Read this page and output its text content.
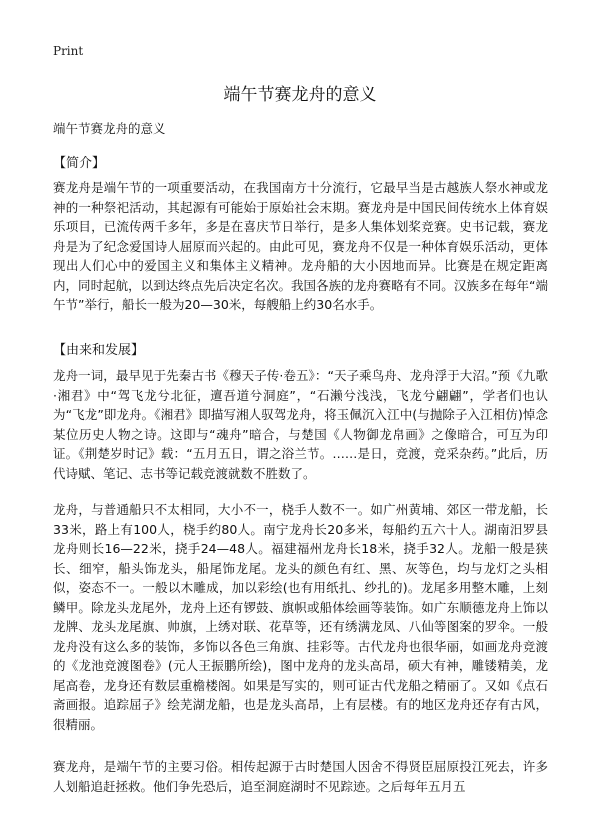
Print
端午节赛龙舟的意义
端午节赛龙舟的意义
【简介】

赛龙舟是端午节的一项重要活动，在我国南方十分流行，它最早当是古越族人祭水神或龙神的一种祭祀活动，其起源有可能始于原始社会末期。赛龙舟是中国民间传统水上体育娱乐项目，已流传两千多年，多是在喜庆节日举行，是多人集体划桨竞赛。史书记载，赛龙舟是为了纪念爱国诗人屈原而兴起的。由此可见，赛龙舟不仅是一种体育娱乐活动，更体现出人们心中的爱国主义和集体主义精神。龙舟船的大小因地而异。比赛是在规定距离内，同时起航，以到达终点先后决定名次。我国各族的龙舟赛略有不同。汉族多在每年“端午节”举行，船长一般为20—30米，每艘船上约30名水手。

【由来和发展】

龙舟一词，最早见于先秦古书《穆天子传·卷五》：“天子乘鸟舟、龙舟浮于大沼。”预《九歌·湘君》中“驾飞龙兮北征，邅吾道兮洞庭”，“石濑兮浅浅，飞龙兮翩翩”，学者们也认为“飞龙”即龙舟。《湘君》即描写湘人驭驾龙舟，将玉佩沉入江中(与抛除子入江相仿)悼念某位历史人物之诗。这即与“魂舟”暗合，与楚国《人物御龙帛画》之像暗合，可互为印证。《荆楚岁时记》载：“五月五日，谓之浴兰节。……是日，竞渡，竞采杂药。”此后，历代诗赋、笔记、志书等记载竞渡就数不胜数了。

龙舟，与普通船只不太相同，大小不一，桡手人数不一。如广州黄埔、郊区一带龙船，长33米，路上有100人，桡手约80人。南宁龙舟长20多米，每船约五六十人。湖南汨罗县龙舟则长16—22米，挠手24—48人。福建福州龙舟长18米，挠手32人。龙船一般是狭长、细窄，船头饰龙头，船尾饰龙尾。龙头的颜色有红、黑、灰等色，均与龙灯之头相似，姿态不一。一般以木雕成，加以彩绘(也有用纸扎、纱扎的)。龙尾多用整木雕，上刻鳞甲。除龙头龙尾外，龙舟上还有锣鼓、旗帜或船体绘画等装饰。如广东顺德龙舟上饰以龙牌、龙头龙尾旗、帅旗，上绣对联、花草等，还有绣满龙凤、八仙等图案的罗伞。一般龙舟没有这么多的装饰，多饰以各色三角旗、挂彩等。古代龙舟也很华丽，如画龙舟竞渡的《龙池竞渡图卷》(元人王振鹏所绘)，图中龙舟的龙头高昂，硕大有神，雕镂精美，龙尾高卷，龙身还有数层重檐楼阁。如果是写实的，则可证古代龙船之精丽了。又如《点石斋画报。追踪屈子》绘芜湖龙船，也是龙头高昂，上有层楼。有的地区龙舟还存有古风，很精丽。

赛龙舟，是端午节的主要习俗。相传起源于古时楚国人因舍不得贤臣屈原投江死去，许多人划船追赶拯救。他们争先恐后，追至洞庭湖时不见踪迹。之后每年五月五
